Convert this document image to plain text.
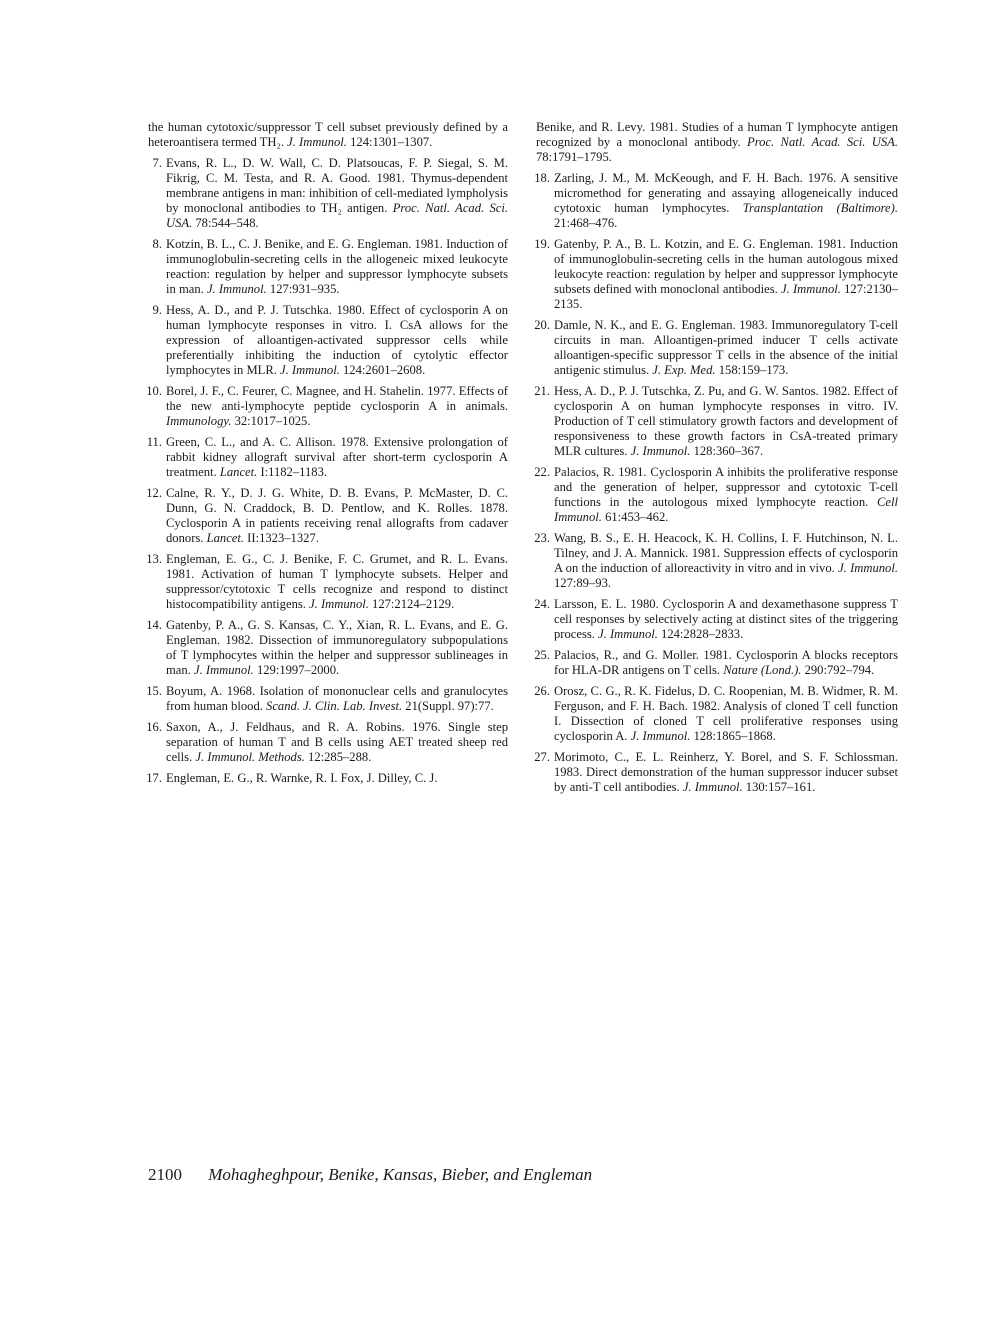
the human cytotoxic/suppressor T cell subset previously defined by a heteroantisera termed TH₂. J. Immunol. 124:1301–1307.
7. Evans, R. L., D. W. Wall, C. D. Platsoucas, F. P. Siegal, S. M. Fikrig, C. M. Testa, and R. A. Good. 1981. Thymus-dependent membrane antigens in man: inhibition of cell-mediated lympholysis by monoclonal antibodies to TH₂ antigen. Proc. Natl. Acad. Sci. USA. 78:544–548.
8. Kotzin, B. L., C. J. Benike, and E. G. Engleman. 1981. Induction of immunoglobulin-secreting cells in the allogeneic mixed leukocyte reaction: regulation by helper and suppressor lymphocyte subsets in man. J. Immunol. 127:931–935.
9. Hess, A. D., and P. J. Tutschka. 1980. Effect of cyclosporin A on human lymphocyte responses in vitro. I. CsA allows for the expression of alloantigen-activated suppressor cells while preferentially inhibiting the induction of cytolytic effector lymphocytes in MLR. J. Immunol. 124:2601–2608.
10. Borel, J. F., C. Feurer, C. Magnee, and H. Stahelin. 1977. Effects of the new anti-lymphocyte peptide cyclosporin A in animals. Immunology. 32:1017–1025.
11. Green, C. L., and A. C. Allison. 1978. Extensive prolongation of rabbit kidney allograft survival after short-term cyclosporin A treatment. Lancet. I:1182–1183.
12. Calne, R. Y., D. J. G. White, D. B. Evans, P. McMaster, D. C. Dunn, G. N. Craddock, B. D. Pentlow, and K. Rolles. 1878. Cyclosporin A in patients receiving renal allografts from cadaver donors. Lancet. II:1323–1327.
13. Engleman, E. G., C. J. Benike, F. C. Grumet, and R. L. Evans. 1981. Activation of human T lymphocyte subsets. Helper and suppressor/cytotoxic T cells recognize and respond to distinct histocompatibility antigens. J. Immunol. 127:2124–2129.
14. Gatenby, P. A., G. S. Kansas, C. Y., Xian, R. L. Evans, and E. G. Engleman. 1982. Dissection of immunoregulatory subpopulations of T lymphocytes within the helper and suppressor sublineages in man. J. Immunol. 129:1997–2000.
15. Boyum, A. 1968. Isolation of mononuclear cells and granulocytes from human blood. Scand. J. Clin. Lab. Invest. 21(Suppl. 97):77.
16. Saxon, A., J. Feldhaus, and R. A. Robins. 1976. Single step separation of human T and B cells using AET treated sheep red cells. J. Immunol. Methods. 12:285–288.
17. Engleman, E. G., R. Warnke, R. I. Fox, J. Dilley, C. J.
Benike, and R. Levy. 1981. Studies of a human T lymphocyte antigen recognized by a monoclonal antibody. Proc. Natl. Acad. Sci. USA. 78:1791–1795.
18. Zarling, J. M., M. McKeough, and F. H. Bach. 1976. A sensitive micromethod for generating and assaying allogeneically induced cytotoxic human lymphocytes. Transplantation (Baltimore). 21:468–476.
19. Gatenby, P. A., B. L. Kotzin, and E. G. Engleman. 1981. Induction of immunoglobulin-secreting cells in the human autologous mixed leukocyte reaction: regulation by helper and suppressor lymphocyte subsets defined with monoclonal antibodies. J. Immunol. 127:2130–2135.
20. Damle, N. K., and E. G. Engleman. 1983. Immunoregulatory T-cell circuits in man. Alloantigen-primed inducer T cells activate alloantigen-specific suppressor T cells in the absence of the initial antigenic stimulus. J. Exp. Med. 158:159–173.
21. Hess, A. D., P. J. Tutschka, Z. Pu, and G. W. Santos. 1982. Effect of cyclosporin A on human lymphocyte responses in vitro. IV. Production of T cell stimulatory growth factors and development of responsiveness to these growth factors in CsA-treated primary MLR cultures. J. Immunol. 128:360–367.
22. Palacios, R. 1981. Cyclosporin A inhibits the proliferative response and the generation of helper, suppressor and cytotoxic T-cell functions in the autologous mixed lymphocyte reaction. Cell Immunol. 61:453–462.
23. Wang, B. S., E. H. Heacock, K. H. Collins, I. F. Hutchinson, N. L. Tilney, and J. A. Mannick. 1981. Suppression effects of cyclosporin A on the induction of alloreactivity in vitro and in vivo. J. Immunol. 127:89–93.
24. Larsson, E. L. 1980. Cyclosporin A and dexamethasone suppress T cell responses by selectively acting at distinct sites of the triggering process. J. Immunol. 124:2828–2833.
25. Palacios, R., and G. Moller. 1981. Cyclosporin A blocks receptors for HLA-DR antigens on T cells. Nature (Lond.). 290:792–794.
26. Orosz, C. G., R. K. Fidelus, D. C. Roopenian, M. B. Widmer, R. M. Ferguson, and F. H. Bach. 1982. Analysis of cloned T cell function I. Dissection of cloned T cell proliferative responses using cyclosporin A. J. Immunol. 128:1865–1868.
27. Morimoto, C., E. L. Reinherz, Y. Borel, and S. F. Schlossman. 1983. Direct demonstration of the human suppressor inducer subset by anti-T cell antibodies. J. Immunol. 130:157–161.
2100 Mohagheghpour, Benike, Kansas, Bieber, and Engleman
